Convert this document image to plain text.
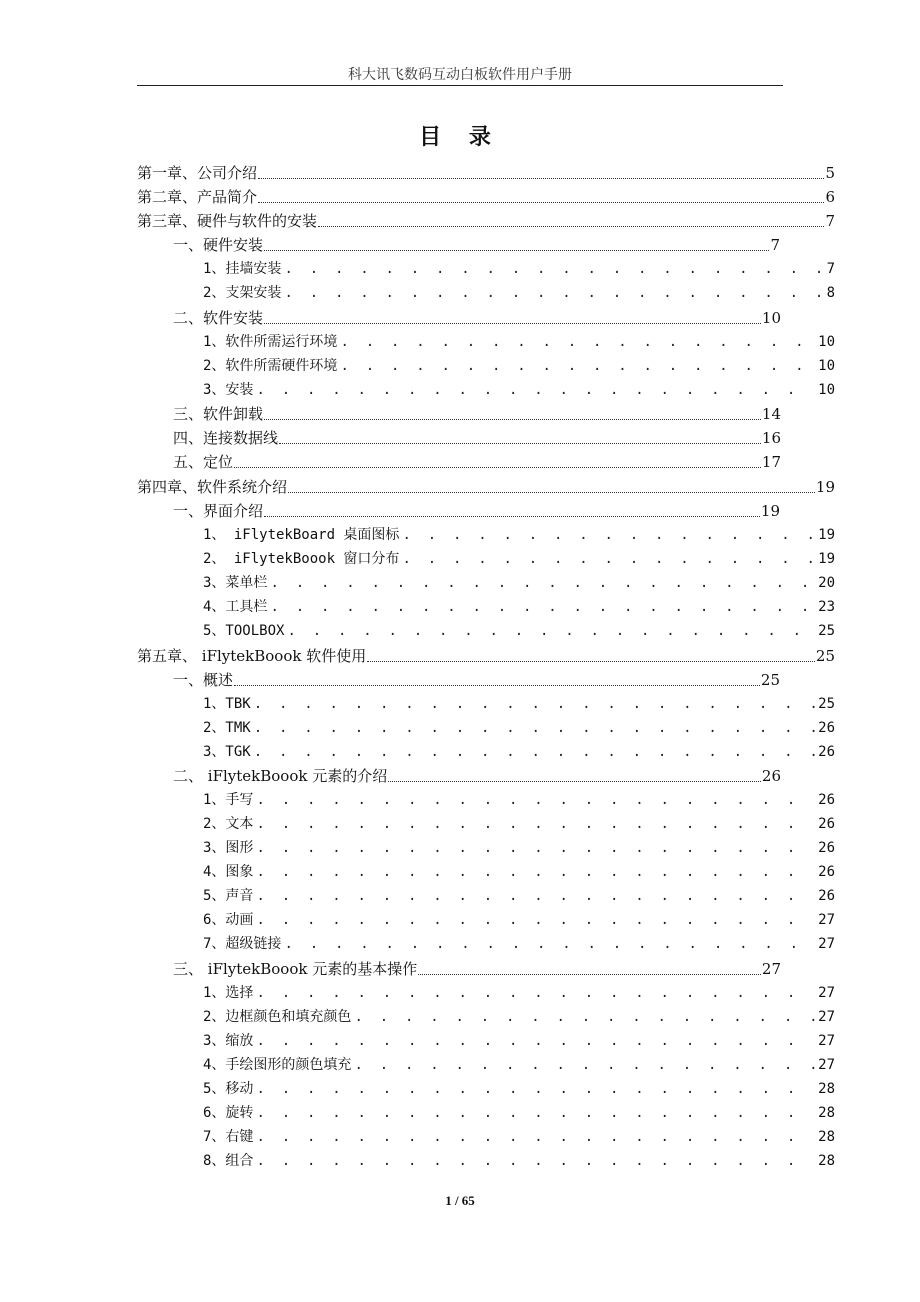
科大讯飞数码互动白板软件用户手册
目 录
第一章、公司介绍	5
第二章、产品简介	6
第三章、硬件与软件的安装	7
一、硬件安装	7
1、挂墙安装 . . .	7
2、支架安装 . . .	8
二、软件安装	10
1、软件所需运行环境 . . .	10
2、软件所需硬件环境 . . .	10
3、安装 . . .	10
三、软件卸载	14
四、连接数据线	16
五、定位	17
第四章、软件系统介绍	19
一、界面介绍	19
1、 iFlytekBoard 桌面图标 . . .	19
2、 iFlytekBoook 窗口分布 . . .	19
3、菜单栏 . . .	20
4、工具栏 . . .	23
5、TOOLBOX . . .	25
第五章、 iFlytekBoook 软件使用	25
一、概述	25
1、TBK . . .	25
2、TMK . . .	26
3、TGK . . .	26
二、 iFlytekBoook 元素的介绍	26
1、手写 . . .	26
2、文本 . . .	26
3、图形 . . .	26
4、图象 . . .	26
5、声音 . . .	26
6、动画 . . .	27
7、超级链接 . . .	27
三、 iFlytekBoook 元素的基本操作	27
1、选择 . . .	27
2、边框颜色和填充颜色 . . .	27
3、缩放 . . .	27
4、手绘图形的颜色填充 . . .	27
5、移动 . . .	28
6、旋转 . . .	28
7、右键 . . .	28
8、组合 . . .	28
1 / 65
